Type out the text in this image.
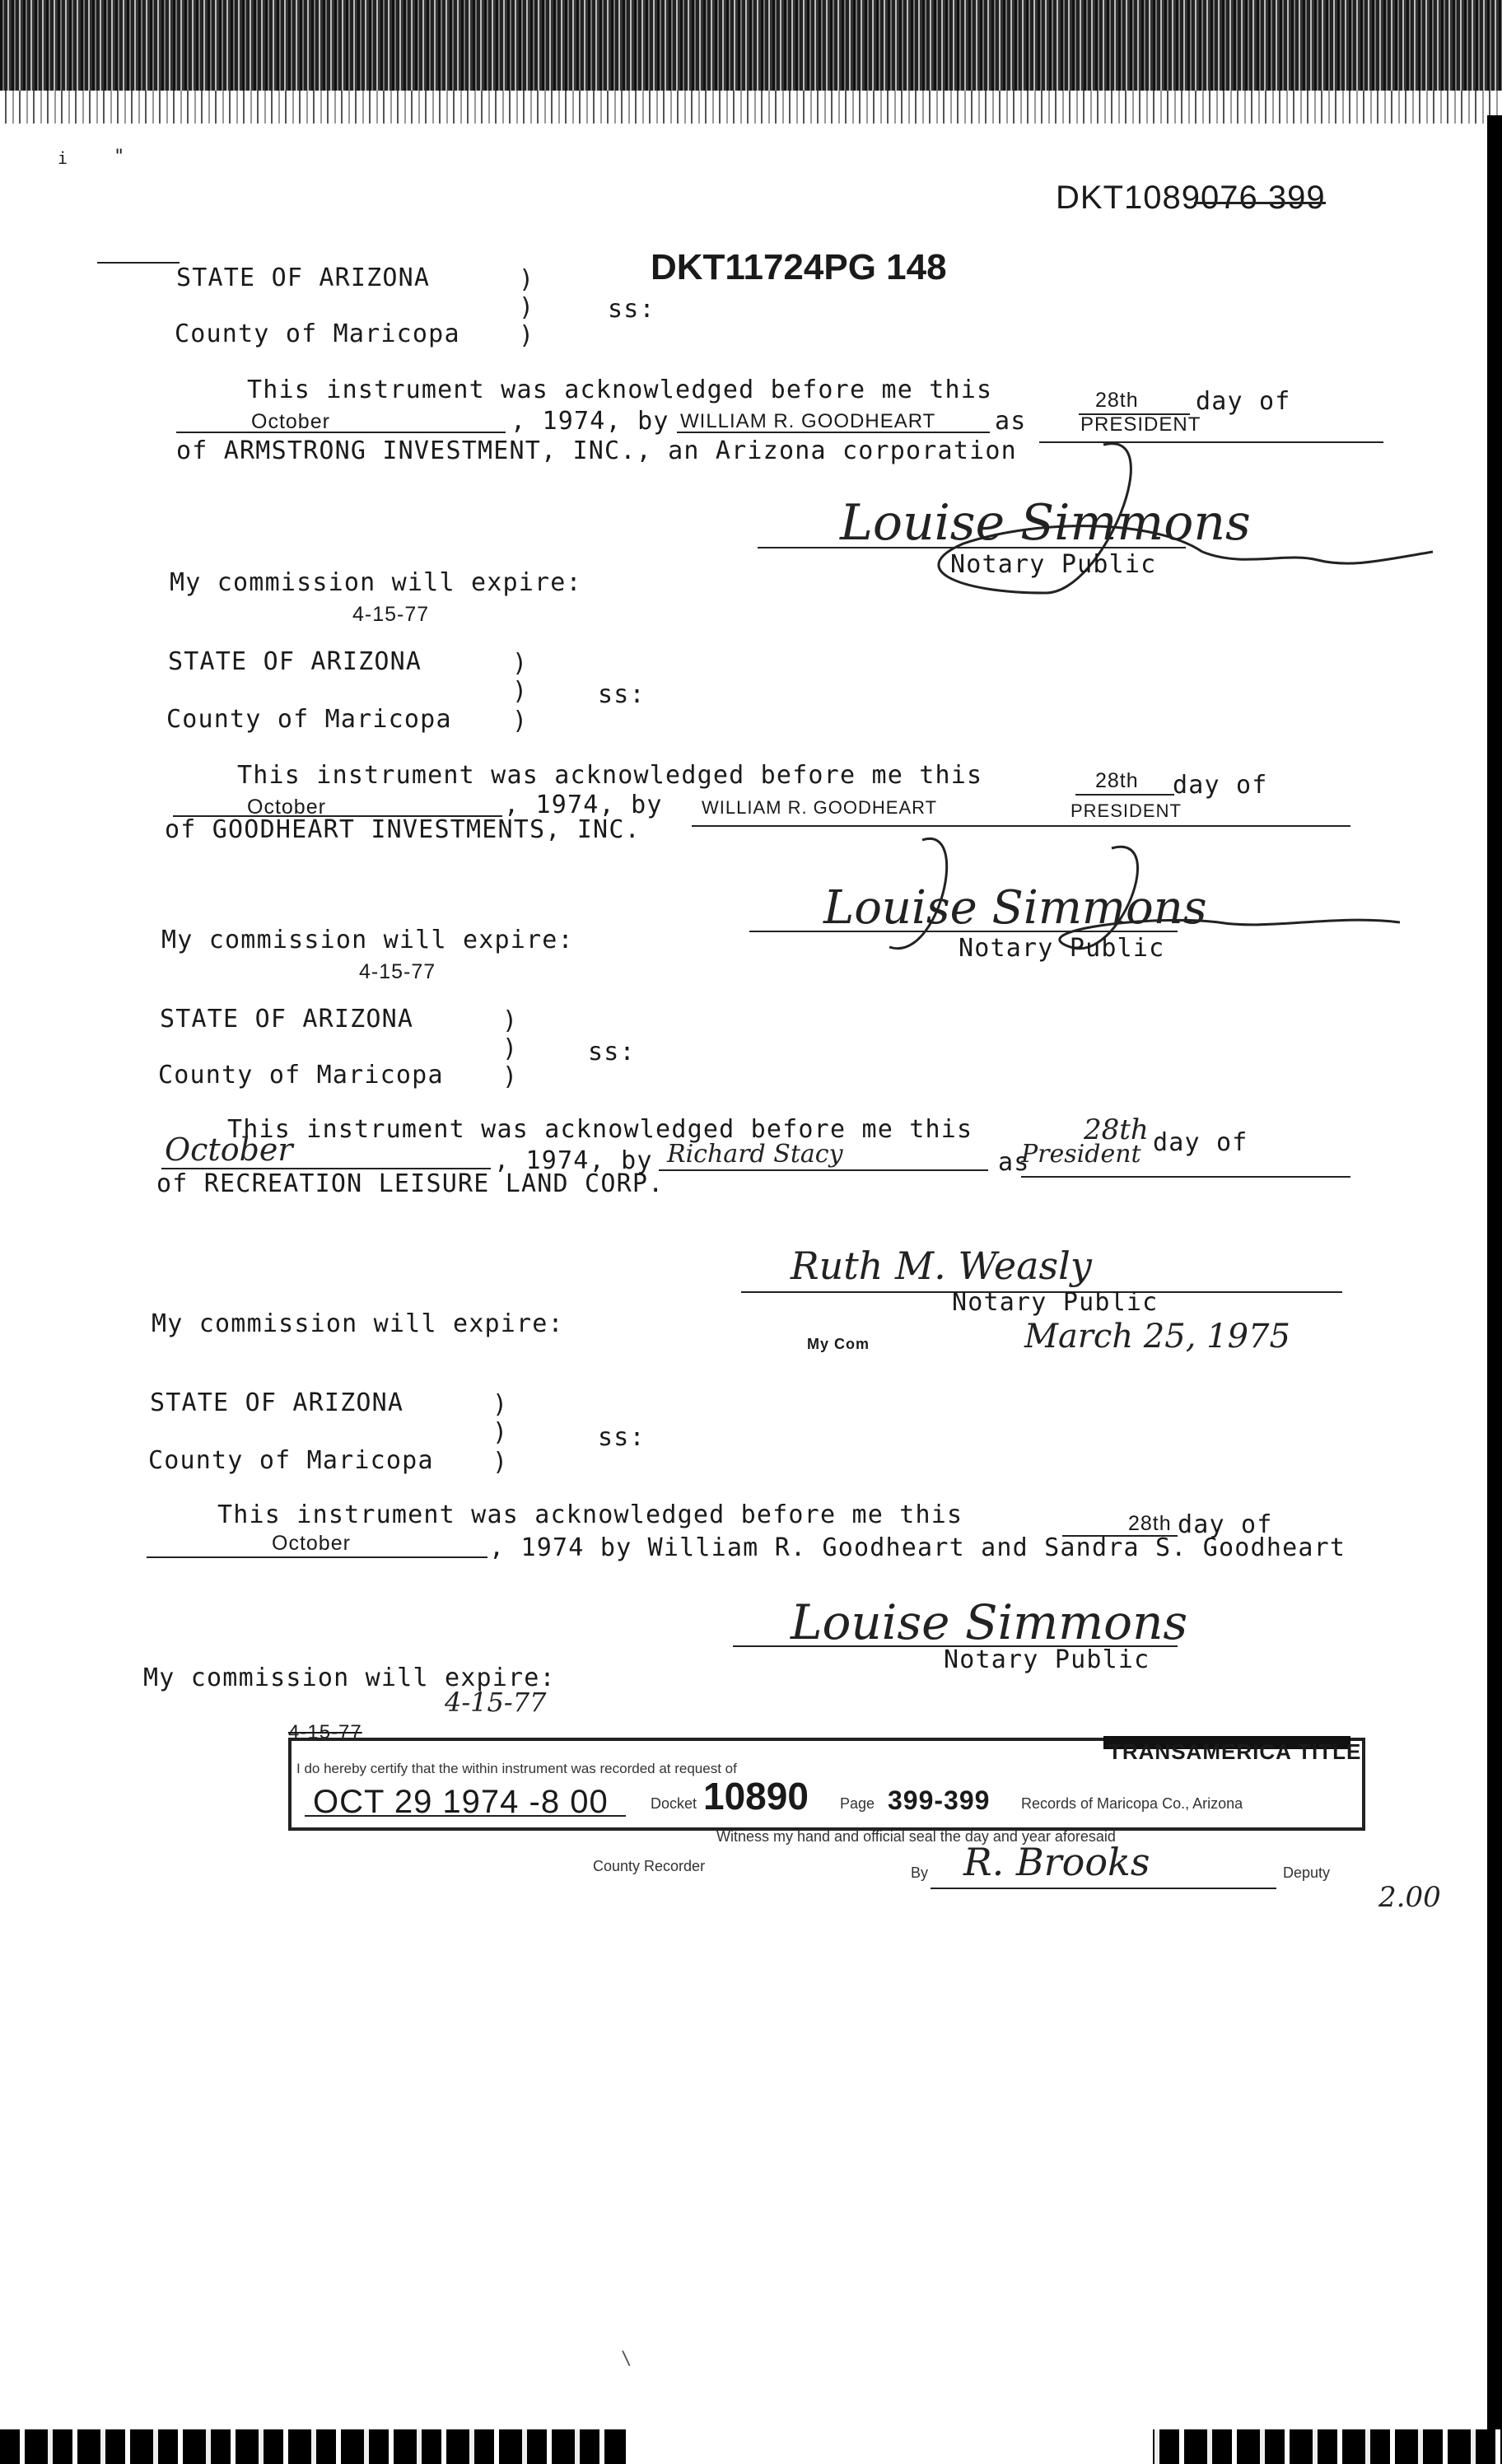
i "
DKT1089076 399
DKT11724PG 148
STATE OF ARIZONA	)
)	ss:
County of Maricopa )
This instrument was acknowledged before me this	28th day of
October	, 1974, by WILLIAM R. GOODHEART as	PRESIDENT
of ARMSTRONG INVESTMENT, INC., an Arizona corporation
Louise Simmons
Notary Public
My commission will expire:
4-15-77
STATE OF ARIZONA	)
)	ss:
County of Maricopa )
This instrument was acknowledged before me this	28th day of
October	, 1974, by WILLIAM R. GOODHEART	PRESIDENT
of GOODHEART INVESTMENTS, INC.
Louise Simmons
Notary Public
My commission will expire:
4-15-77
STATE OF ARIZONA	)
)	ss:
County of Maricopa )
This instrument was acknowledged before me this	28th day of
October	, 1974, by Richard Stacy	as
President
of RECREATION LEISURE LAND CORP.
Ruth M. Weasly
Notary Public
My commission will expire:
My Com	March 25, 1975
STATE OF ARIZONA	)
)	ss:
County of Maricopa )
This instrument was acknowledged before me this	28th day of
October	, 1974 by William R. Goodheart and Sandra S. Goodheart
Louise Simmons
Notary Public
My commission will expire:
4-15-77
4-15-77
I do hereby certify that the within instrument was recorded at request of
TRANSAMERICA TITLE
OCT 29 1974 -8 00	Docket 10890 Page 399-399 Records of Maricopa Co., Arizona
Witness my hand and official seal the day and year aforesaid
County Recorder	By R. Brooks	Deputy
2.00
\
